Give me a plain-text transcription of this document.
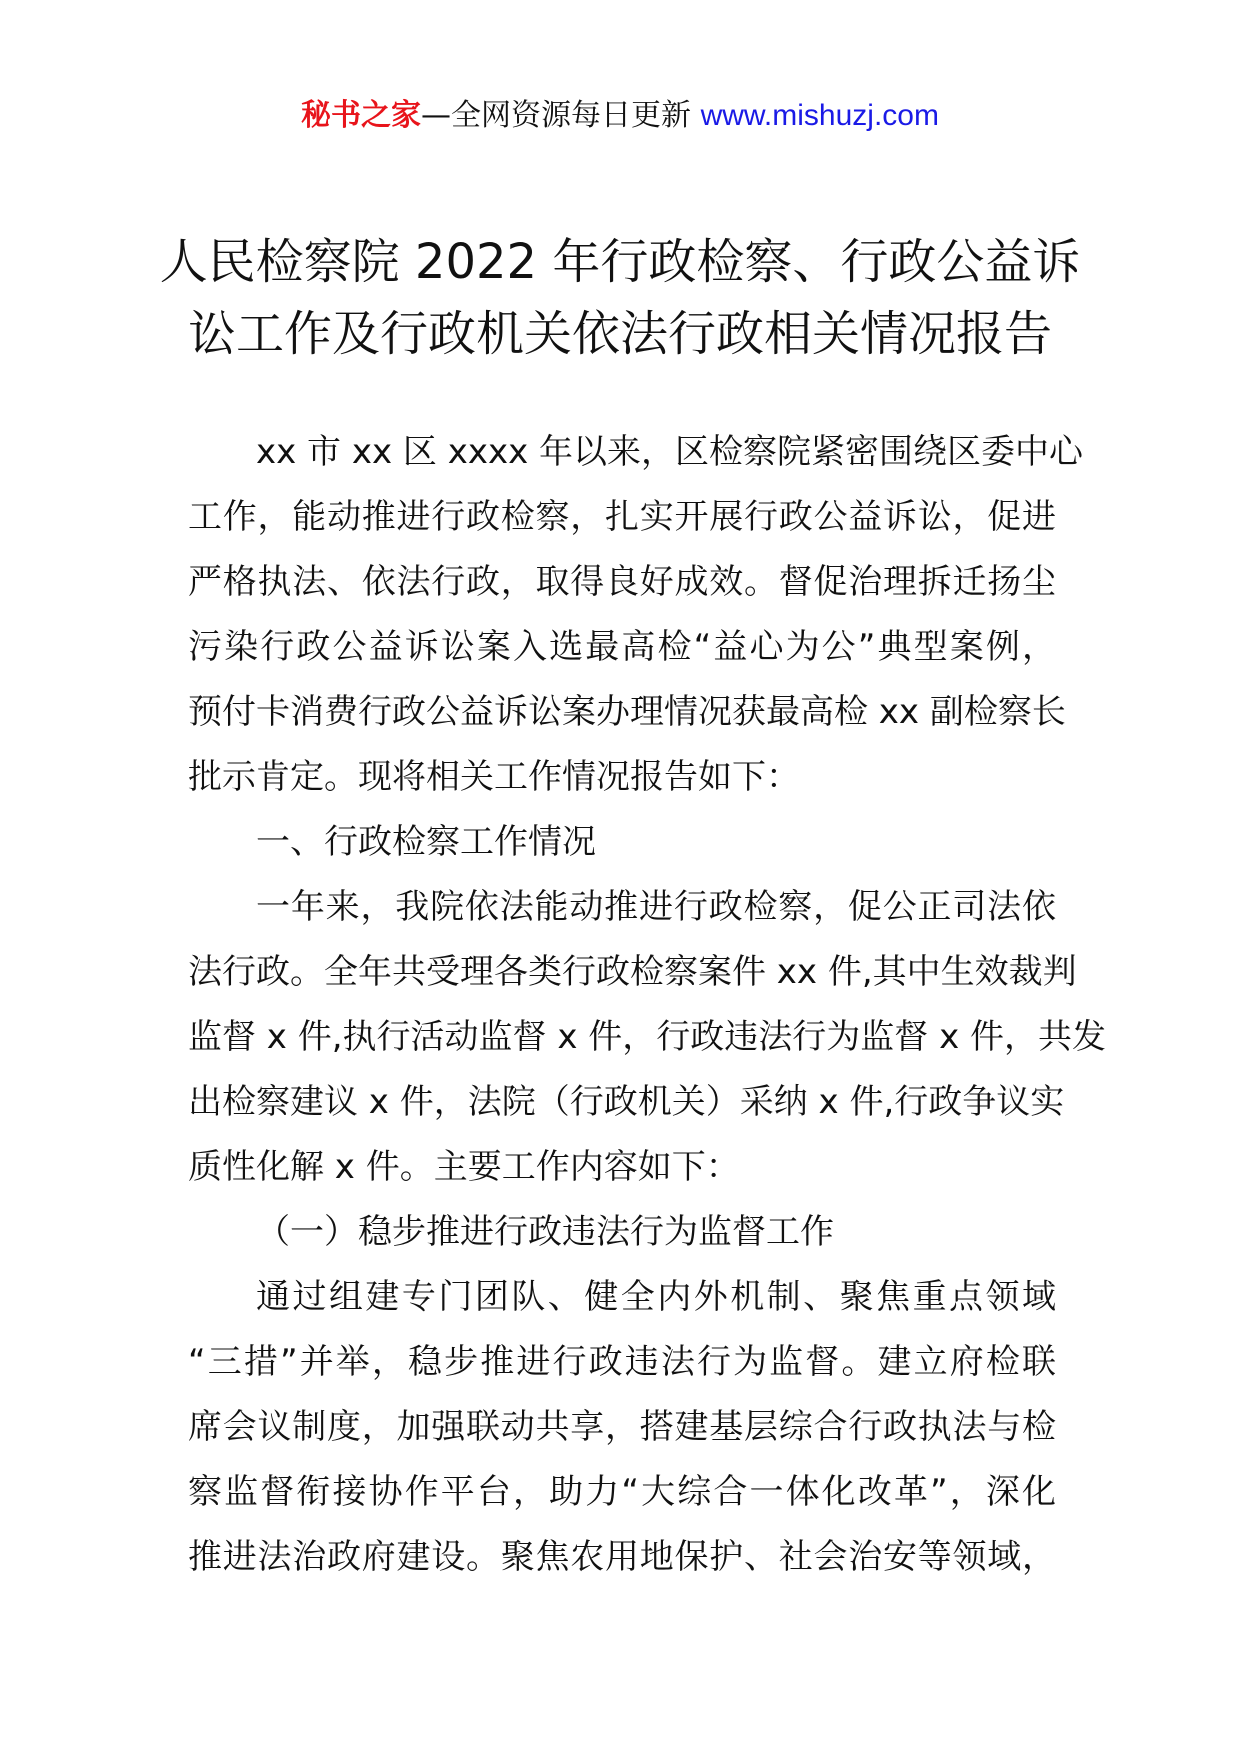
秘书之家—全网资源每日更新 www.mishuzj.com
人民检察院 2022 年行政检察、行政公益诉
讼工作及行政机关依法行政相关情况报告
xx 市 xx 区 xxxx 年以来，区检察院紧密围绕区委中心
工作，能动推进行政检察，扎实开展行政公益诉讼，促进
严格执法、依法行政，取得良好成效。督促治理拆迁扬尘
污染行政公益诉讼案入选最高检“益心为公”典型案例，
预付卡消费行政公益诉讼案办理情况获最高检 xx 副检察长
批示肯定。现将相关工作情况报告如下：
一、行政检察工作情况
一年来，我院依法能动推进行政检察，促公正司法依
法行政。全年共受理各类行政检察案件 xx 件,其中生效裁判
监督 x 件,执行活动监督 x 件，行政违法行为监督 x 件，共发
出检察建议 x 件，法院（行政机关）采纳 x 件,行政争议实
质性化解 x 件。主要工作内容如下：
（一）稳步推进行政违法行为监督工作
通过组建专门团队、健全内外机制、聚焦重点领域
“三措”并举，稳步推进行政违法行为监督。建立府检联
席会议制度，加强联动共享，搭建基层综合行政执法与检
察监督衔接协作平台，助力“大综合一体化改革”，深化
推进法治政府建设。聚焦农用地保护、社会治安等领域，
